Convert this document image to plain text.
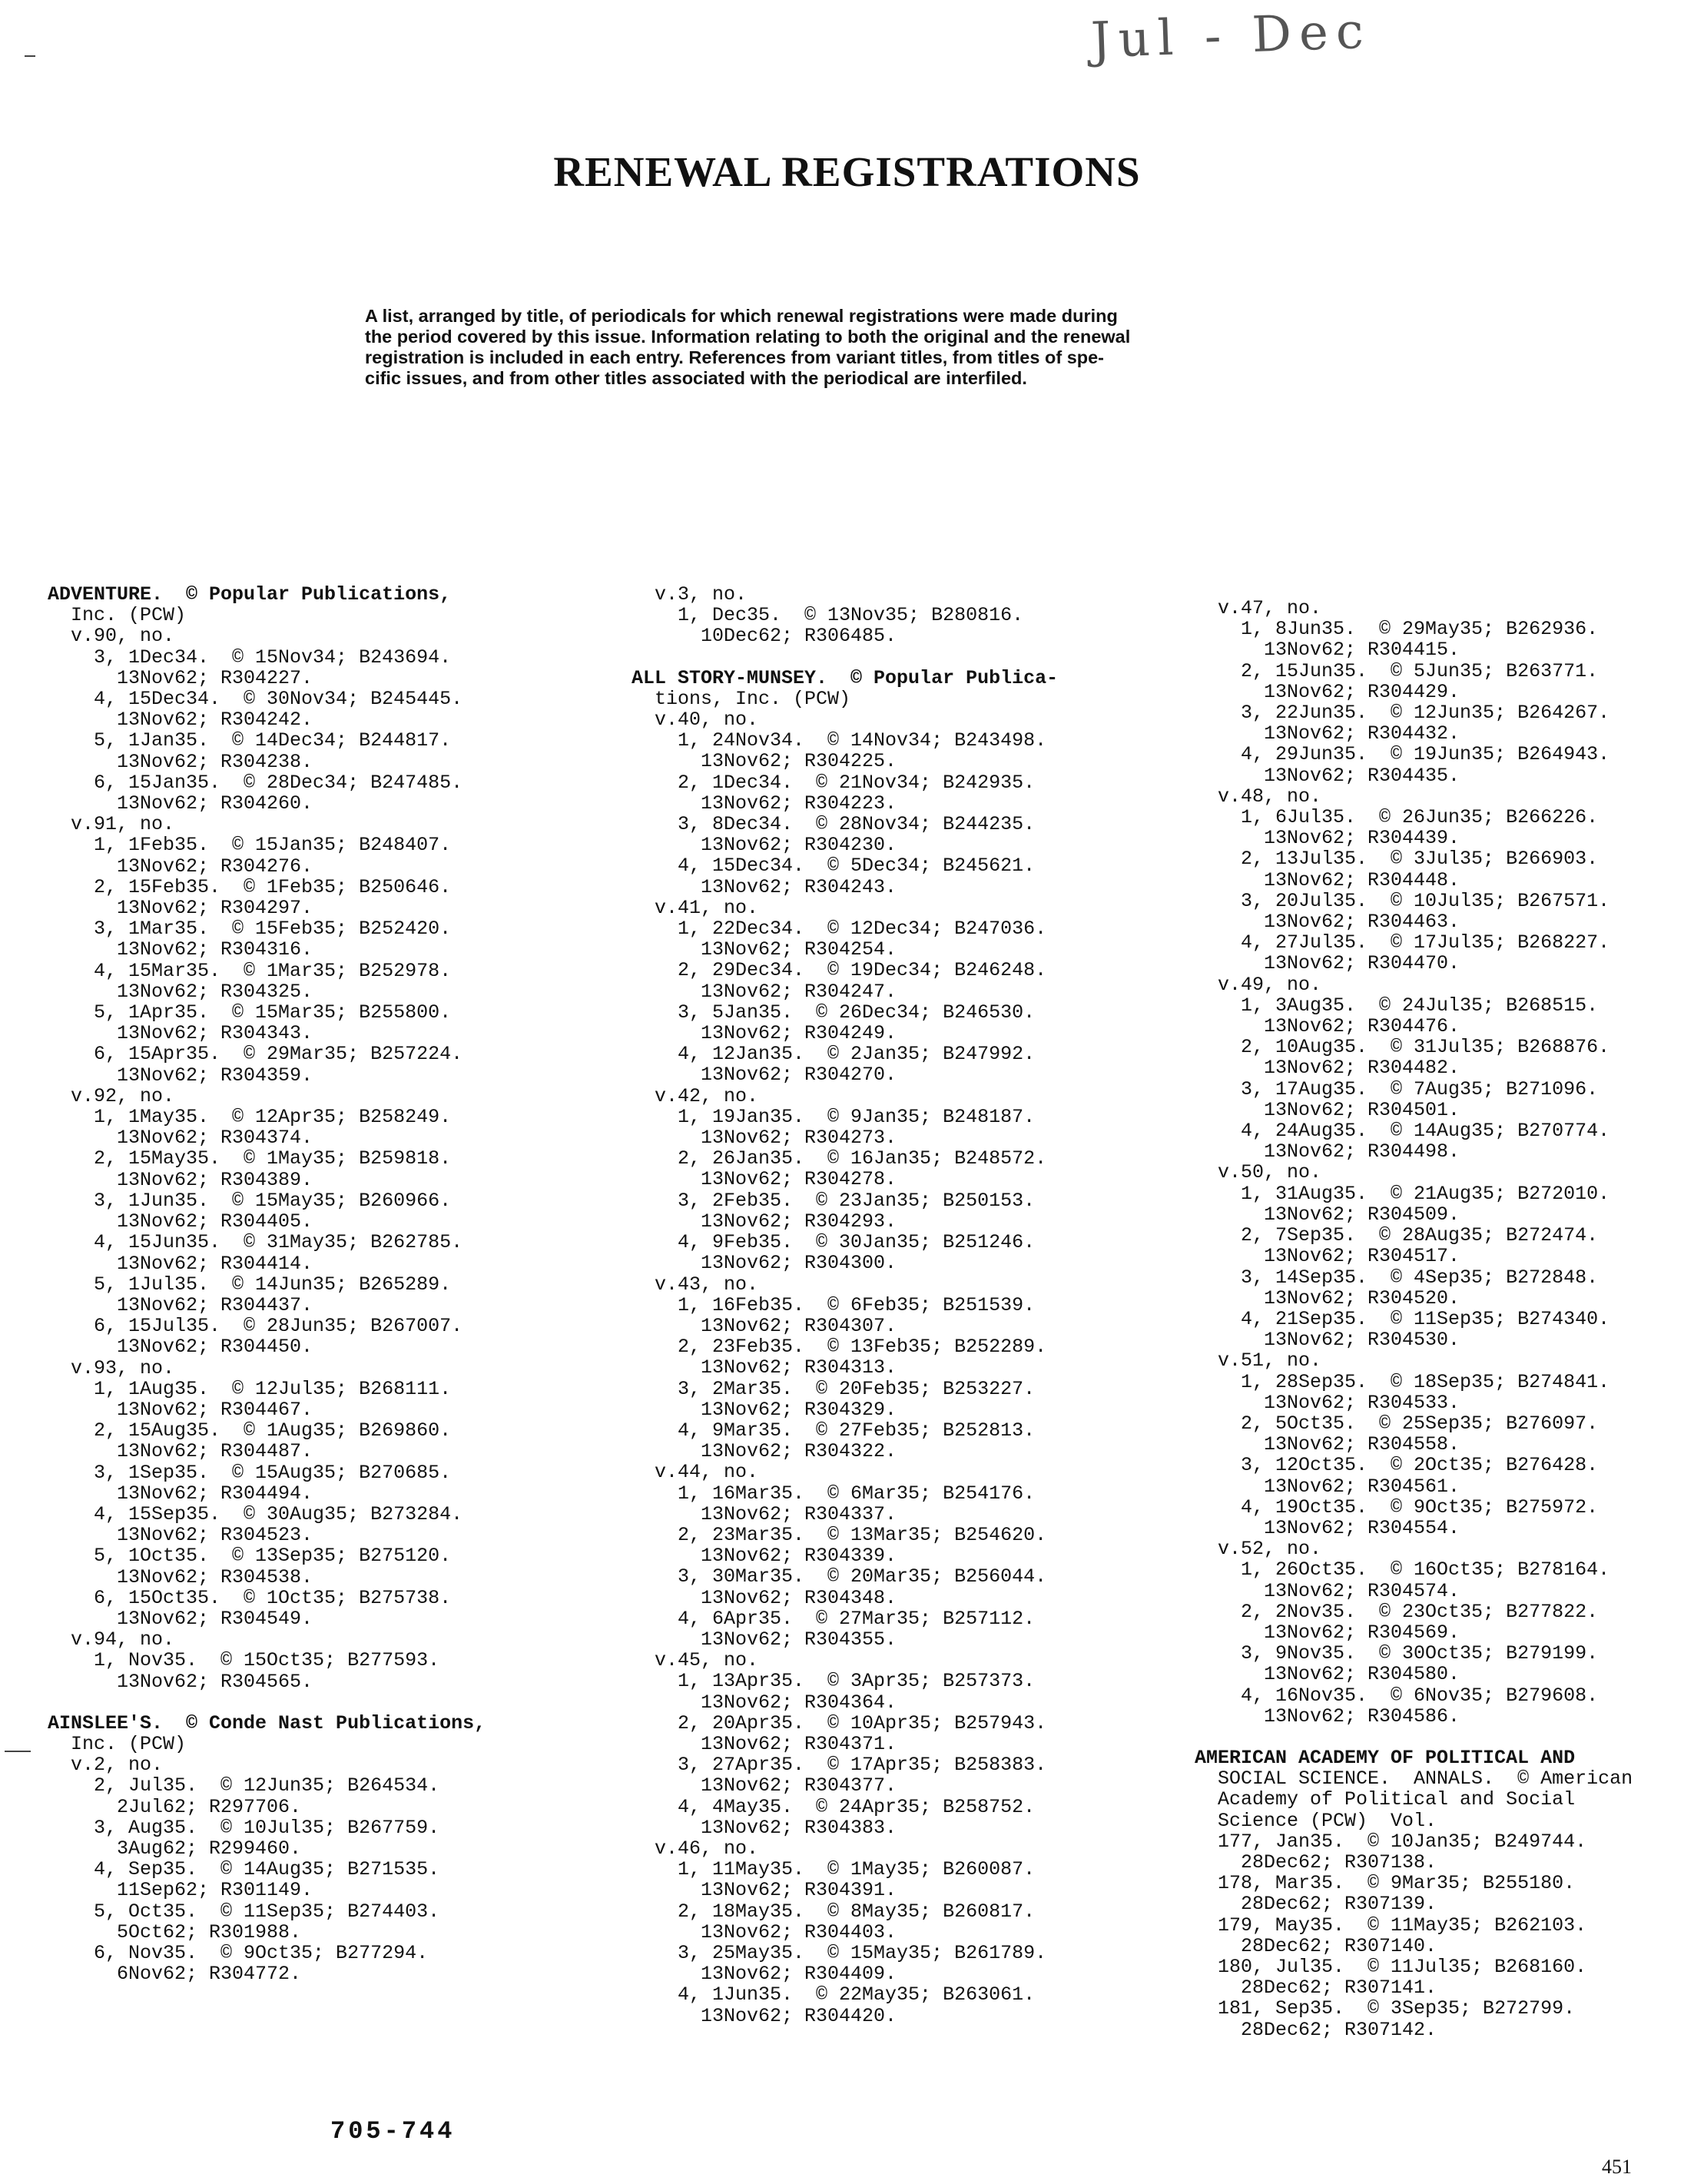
Jul - Dec
RENEWAL REGISTRATIONS

A list, arranged by title, of periodicals for which renewal registrations were made during

the period covered by this issue. Information relating to both the original and the renewal

registration is included in each entry. References from variant titles, from titles of spe-

cific issues, and from other titles associated with the periodical are interfiled.

ADVENTURE.  © Popular Publications,
Inc. (PCW)
v.90, no.
3, 1Dec34.  © 15Nov34; B243694.
13Nov62; R304227.
4, 15Dec34.  © 30Nov34; B245445.
13Nov62; R304242.
5, 1Jan35.  © 14Dec34; B244817.
13Nov62; R304238.
6, 15Jan35.  © 28Dec34; B247485.
13Nov62; R304260.
v.91, no.
1, 1Feb35.  © 15Jan35; B248407.
13Nov62; R304276.
2, 15Feb35.  © 1Feb35; B250646.
13Nov62; R304297.
3, 1Mar35.  © 15Feb35; B252420.
13Nov62; R304316.
4, 15Mar35.  © 1Mar35; B252978.
13Nov62; R304325.
5, 1Apr35.  © 15Mar35; B255800.
13Nov62; R304343.
6, 15Apr35.  © 29Mar35; B257224.
13Nov62; R304359.
v.92, no.
1, 1May35.  © 12Apr35; B258249.
13Nov62; R304374.
2, 15May35.  © 1May35; B259818.
13Nov62; R304389.
3, 1Jun35.  © 15May35; B260966.
13Nov62; R304405.
4, 15Jun35.  © 31May35; B262785.
13Nov62; R304414.
5, 1Jul35.  © 14Jun35; B265289.
13Nov62; R304437.
6, 15Jul35.  © 28Jun35; B267007.
13Nov62; R304450.
v.93, no.
1, 1Aug35.  © 12Jul35; B268111.
13Nov62; R304467.
2, 15Aug35.  © 1Aug35; B269860.
13Nov62; R304487.
3, 1Sep35.  © 15Aug35; B270685.
13Nov62; R304494.
4, 15Sep35.  © 30Aug35; B273284.
13Nov62; R304523.
5, 1Oct35.  © 13Sep35; B275120.
13Nov62; R304538.
6, 15Oct35.  © 1Oct35; B275738.
13Nov62; R304549.
v.94, no.
1, Nov35.  © 15Oct35; B277593.
13Nov62; R304565.
AINSLEE'S.  © Conde Nast Publications,
Inc. (PCW)
v.2, no.
2, Jul35.  © 12Jun35; B264534.
2Jul62; R297706.
3, Aug35.  © 10Jul35; B267759.
3Aug62; R299460.
4, Sep35.  © 14Aug35; B271535.
11Sep62; R301149.
5, Oct35.  © 11Sep35; B274403.
5Oct62; R301988.
6, Nov35.  © 9Oct35; B277294.
6Nov62; R304772.
v.3, no.
1, Dec35.  © 13Nov35; B280816.
10Dec62; R306485.
ALL STORY-MUNSEY.  © Popular Publica-
tions, Inc. (PCW)
v.40, no.
1, 24Nov34.  © 14Nov34; B243498.
13Nov62; R304225.
2, 1Dec34.  © 21Nov34; B242935.
13Nov62; R304223.
3, 8Dec34.  © 28Nov34; B244235.
13Nov62; R304230.
4, 15Dec34.  © 5Dec34; B245621.
13Nov62; R304243.
v.41, no.
1, 22Dec34.  © 12Dec34; B247036.
13Nov62; R304254.
2, 29Dec34.  © 19Dec34; B246248.
13Nov62; R304247.
3, 5Jan35.  © 26Dec34; B246530.
13Nov62; R304249.
4, 12Jan35.  © 2Jan35; B247992.
13Nov62; R304270.
v.42, no.
1, 19Jan35.  © 9Jan35; B248187.
13Nov62; R304273.
2, 26Jan35.  © 16Jan35; B248572.
13Nov62; R304278.
3, 2Feb35.  © 23Jan35; B250153.
13Nov62; R304293.
4, 9Feb35.  © 30Jan35; B251246.
13Nov62; R304300.
v.43, no.
1, 16Feb35.  © 6Feb35; B251539.
13Nov62; R304307.
2, 23Feb35.  © 13Feb35; B252289.
13Nov62; R304313.
3, 2Mar35.  © 20Feb35; B253227.
13Nov62; R304329.
4, 9Mar35.  © 27Feb35; B252813.
13Nov62; R304322.
v.44, no.
1, 16Mar35.  © 6Mar35; B254176.
13Nov62; R304337.
2, 23Mar35.  © 13Mar35; B254620.
13Nov62; R304339.
3, 30Mar35.  © 20Mar35; B256044.
13Nov62; R304348.
4, 6Apr35.  © 27Mar35; B257112.
13Nov62; R304355.
v.45, no.
1, 13Apr35.  © 3Apr35; B257373.
13Nov62; R304364.
2, 20Apr35.  © 10Apr35; B257943.
13Nov62; R304371.
3, 27Apr35.  © 17Apr35; B258383.
13Nov62; R304377.
4, 4May35.  © 24Apr35; B258752.
13Nov62; R304383.
v.46, no.
1, 11May35.  © 1May35; B260087.
13Nov62; R304391.
2, 18May35.  © 8May35; B260817.
13Nov62; R304403.
3, 25May35.  © 15May35; B261789.
13Nov62; R304409.
4, 1Jun35.  © 22May35; B263061.
13Nov62; R304420.
v.47, no.
1, 8Jun35.  © 29May35; B262936.
13Nov62; R304415.
2, 15Jun35.  © 5Jun35; B263771.
13Nov62; R304429.
3, 22Jun35.  © 12Jun35; B264267.
13Nov62; R304432.
4, 29Jun35.  © 19Jun35; B264943.
13Nov62; R304435.
v.48, no.
1, 6Jul35.  © 26Jun35; B266226.
13Nov62; R304439.
2, 13Jul35.  © 3Jul35; B266903.
13Nov62; R304448.
3, 20Jul35.  © 10Jul35; B267571.
13Nov62; R304463.
4, 27Jul35.  © 17Jul35; B268227.
13Nov62; R304470.
v.49, no.
1, 3Aug35.  © 24Jul35; B268515.
13Nov62; R304476.
2, 10Aug35.  © 31Jul35; B268876.
13Nov62; R304482.
3, 17Aug35.  © 7Aug35; B271096.
13Nov62; R304501.
4, 24Aug35.  © 14Aug35; B270774.
13Nov62; R304498.
v.50, no.
1, 31Aug35.  © 21Aug35; B272010.
13Nov62; R304509.
2, 7Sep35.  © 28Aug35; B272474.
13Nov62; R304517.
3, 14Sep35.  © 4Sep35; B272848.
13Nov62; R304520.
4, 21Sep35.  © 11Sep35; B274340.
13Nov62; R304530.
v.51, no.
1, 28Sep35.  © 18Sep35; B274841.
13Nov62; R304533.
2, 5Oct35.  © 25Sep35; B276097.
13Nov62; R304558.
3, 12Oct35.  © 2Oct35; B276428.
13Nov62; R304561.
4, 19Oct35.  © 9Oct35; B275972.
13Nov62; R304554.
v.52, no.
1, 26Oct35.  © 16Oct35; B278164.
13Nov62; R304574.
2, 2Nov35.  © 23Oct35; B277822.
13Nov62; R304569.
3, 9Nov35.  © 30Oct35; B279199.
13Nov62; R304580.
4, 16Nov35.  © 6Nov35; B279608.
13Nov62; R304586.
AMERICAN ACADEMY OF POLITICAL AND
SOCIAL SCIENCE.  ANNALS.  © American
Academy of Political and Social
Science (PCW)  Vol.
177, Jan35.  © 10Jan35; B249744.
28Dec62; R307138.
178, Mar35.  © 9Mar35; B255180.
28Dec62; R307139.
179, May35.  © 11May35; B262103.
28Dec62; R307140.
180, Jul35.  © 11Jul35; B268160.
28Dec62; R307141.
181, Sep35.  © 3Sep35; B272799.
28Dec62; R307142.
705-744
451
